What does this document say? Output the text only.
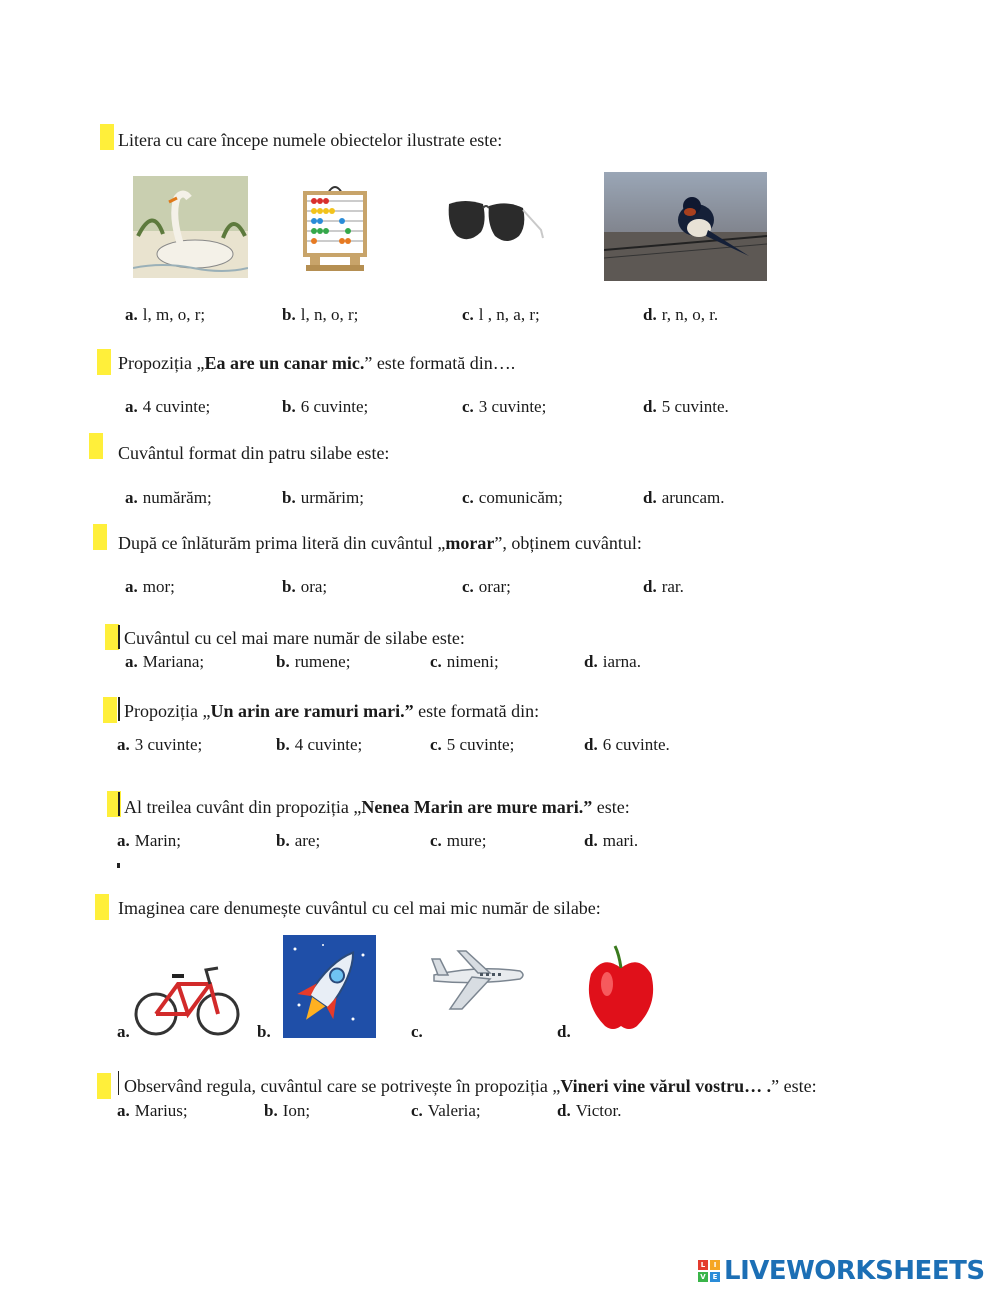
Litera cu care începe numele obiectelor ilustrate este:
a. l, m, o, r;	b. l, n, o, r;	c. l , n, a, r;	d. r, n, o, r.
Propoziția „Ea are un canar mic.” este formată din….
a. 4 cuvinte;	b. 6 cuvinte;	c. 3 cuvinte;	d. 5 cuvinte.
Cuvântul format din patru silabe este:
a. numărăm;	b. urmărim;	c. comunicăm;	d. aruncam.
După ce înlăturăm prima literă din cuvântul „morar”, obținem cuvântul:
a. mor;	b. ora;	c. orar;	d. rar.
Cuvântul cu cel mai mare număr de silabe este:
a. Mariana;	b. rumene;	c. nimeni;	d. iarna.
Propoziția „Un arin are ramuri mari.” este formată din:
a. 3 cuvinte;	b. 4 cuvinte;	c. 5 cuvinte;	d. 6 cuvinte.
Al treilea cuvânt din propoziția „Nenea Marin are mure mari.” este:
a. Marin;	b. are;	c. mure;	d. mari.
Imaginea care denumește cuvântul cu cel mai mic număr de silabe:
a.	b.	c.	d.
Observând regula, cuvântul care se potrivește în propoziția „Vineri vine vărul vostru… .” este:
a. Marius;	b. Ion;	c. Valeria;	d. Victor.
L	I
V E LIVEWORKSHEETS
